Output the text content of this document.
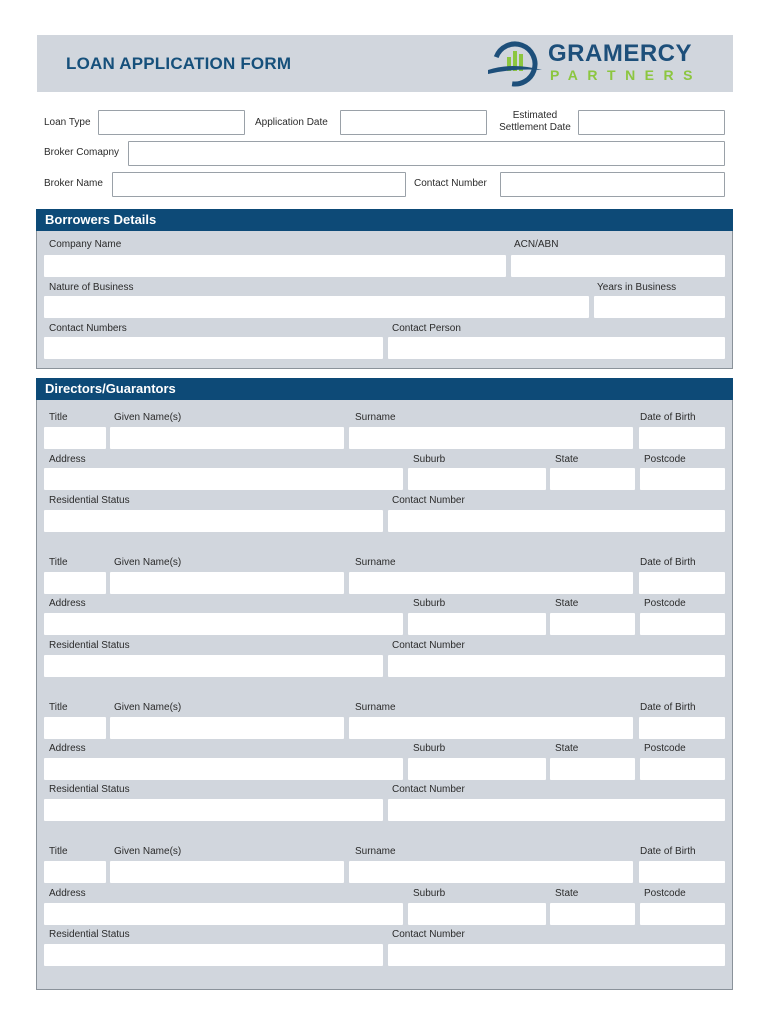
LOAN APPLICATION FORM	GRAMERCY
PARTNERS
Loan Type	Application Date
Estimated
Settlement Date
Broker Comapny
Broker Name	Contact Number
Borrowers Details
Company Name	ACN/ABN
Nature of Business	Years in Business
Contact Numbers	Contact Person
Directors/Guarantors
Title	Given Name(s)	Surname	Date of Birth
Address	Suburb	State	Postcode
Residential Status	Contact Number
Title	Given Name(s)	Surname	Date of Birth
Address	Suburb	State	Postcode
Residential Status	Contact Number
Title	Given Name(s)	Surname	Date of Birth
Address	Suburb	State	Postcode
Residential Status	Contact Number
Title	Given Name(s)	Surname	Date of Birth
Address	Suburb	State	Postcode
Residential Status	Contact Number
